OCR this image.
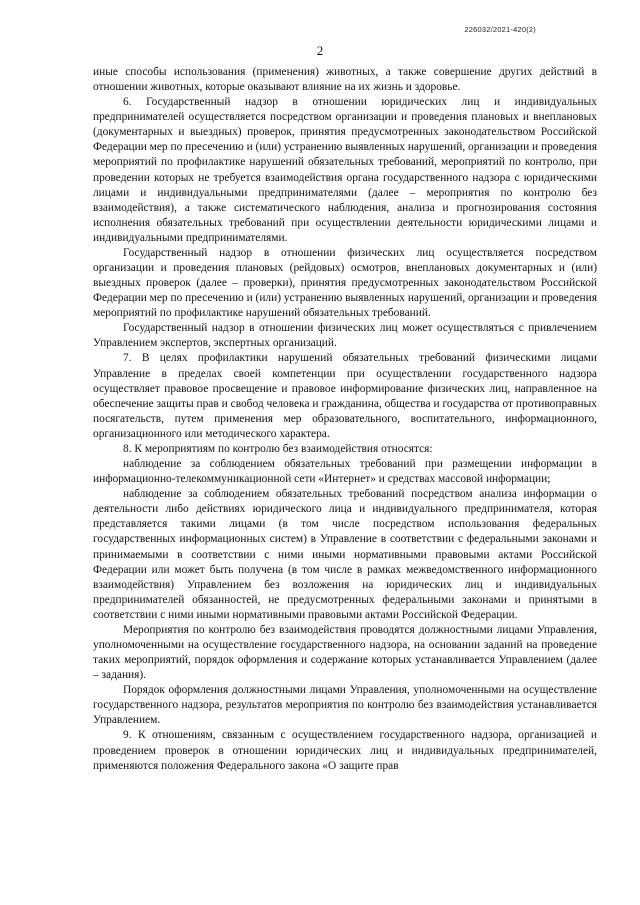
226032/2021-420(2)
2

иные способы использования (применения) животных, а также совершение других действий в отношении животных, которые оказывают влияние на их жизнь и здоровье.

6. Государственный надзор в отношении юридических лиц и индивидуальных предпринимателей осуществляется посредством организации и проведения плановых и внеплановых (документарных и выездных) проверок, принятия предусмотренных законодательством Российской Федерации мер по пресечению и (или) устранению выявленных нарушений, организации и проведения мероприятий по профилактике нарушений обязательных требований, мероприятий по контролю, при проведении которых не требуется взаимодействия органа государственного надзора с юридическими лицами и индивидуальными предпринимателями (далее – мероприятия по контролю без взаимодействия), а также систематического наблюдения, анализа и прогнозирования состояния исполнения обязательных требований при осуществлении деятельности юридическими лицами и индивидуальными предпринимателями.

Государственный надзор в отношении физических лиц осуществляется посредством организации и проведения плановых (рейдовых) осмотров, внеплановых документарных и (или) выездных проверок (далее – проверки), принятия предусмотренных законодательством Российской Федерации мер по пресечению и (или) устранению выявленных нарушений, организации и проведения мероприятий по профилактике нарушений обязательных требований.

Государственный надзор в отношении физических лиц может осуществляться с привлечением Управлением экспертов, экспертных организаций.

7. В целях профилактики нарушений обязательных требований физическими лицами Управление в пределах своей компетенции при осуществлении государственного надзора осуществляет правовое просвещение и правовое информирование физических лиц, направленное на обеспечение защиты прав и свобод человека и гражданина, общества и государства от противоправных посягательств, путем применения мер образовательного, воспитательного, информационного, организационного или методического характера.

8. К мероприятиям по контролю без взаимодействия относятся:

наблюдение за соблюдением обязательных требований при размещении информации в информационно-телекоммуникационной сети «Интернет» и средствах массовой информации;

наблюдение за соблюдением обязательных требований посредством анализа информации о деятельности либо действиях юридического лица и индивидуального предпринимателя, которая представляется такими лицами (в том числе посредством использования федеральных государственных информационных систем) в Управление в соответствии с федеральными законами и принимаемыми в соответствии с ними иными нормативными правовыми актами Российской Федерации или может быть получена (в том числе в рамках межведомственного информационного взаимодействия) Управлением без возложения на юридических лиц и индивидуальных предпринимателей обязанностей, не предусмотренных федеральными законами и принятыми в соответствии с ними иными нормативными правовыми актами Российской Федерации.

Мероприятия по контролю без взаимодействия проводятся должностными лицами Управления, уполномоченными на осуществление государственного надзора, на основании заданий на проведение таких мероприятий, порядок оформления и содержание которых устанавливается Управлением (далее – задания).

Порядок оформления должностными лицами Управления, уполномоченными на осуществление государственного надзора, результатов мероприятия по контролю без взаимодействия устанавливается Управлением.

9. К отношениям, связанным с осуществлением государственного надзора, организацией и проведением проверок в отношении юридических лиц и индивидуальных предпринимателей, применяются положения Федерального закона «О защите прав
